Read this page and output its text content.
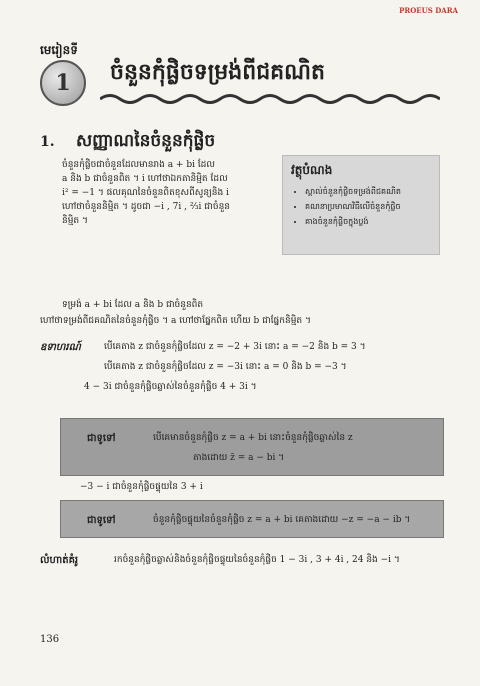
PROEUS DARA
មេរៀនទី
1	ចំនួនកុំផ្លិចទម្រង់ពីជគណិត
1. សញ្ញាណនៃចំនួនកុំផ្លិច
ចំនួនកុំផ្លិចជាចំនួនដែលមានរាង a + bi ដែល
a និង b ជាចំនួនពិត ។ i ហៅថាឯកតានិម្មិត ដែល
i² = −1 ។ ផលគុណនៃចំនួនពិតខុសពីសូន្យនិង i
ហៅថាចំនួននិម្មិត ។ ដូចជា −i , 7i , ⅔i ជាចំនួន
និម្មិត ។
វត្ថុបំណង
• ស្គាល់ចំនួនកុំផ្លិចទម្រង់ពីជគណិត
• គណនាប្រមាណវិធីលើចំនួនកុំផ្លិច
• គាងចំនួនកុំផ្លិចក្នុងប្លង់
ទម្រង់ a + bi ដែល a និង b ជាចំនួនពិត
ហៅថាទម្រង់ពីជគណិតនៃចំនួនកុំផ្លិច ។ a ហៅថាផ្នែកពិត ហើយ b ជាផ្នែកនិម្មិត ។
ឧទាហរណ៍	បើគេតាង z ជាចំនួនកុំផ្លិចដែល z = −2 + 3i នោះ a = −2 និង b = 3 ។
បើគេតាង z ជាចំនួនកុំផ្លិចដែល z = −3i នោះ a = 0 និង b = −3 ។
4 − 3i ជាចំនួនកុំផ្លិចឆ្លាស់នៃចំនួនកុំផ្លិច 4 + 3i ។
ជាទូទៅ	បើគេមានចំនួនកុំផ្លិច z = a + bi នោះចំនួនកុំផ្លិចឆ្លាស់នៃ z
តាងដោយ z̄ = a − bi ។
−3 − i ជាចំនួនកុំផ្លិចផ្ទុយនៃ 3 + i
ជាទូទៅ	ចំនួនកុំផ្លិចផ្ទុយនៃចំនួនកុំផ្លិច z = a + bi គេតាងដោយ −z = −a − ib ។
លំហាត់គំរូ	រកចំនួនកុំផ្លិចឆ្លាស់និងចំនួនកុំផ្លិចផ្ទុយនៃចំនួនកុំផ្លិច 1 − 3i , 3 + 4i , 24 និង −i ។
136
